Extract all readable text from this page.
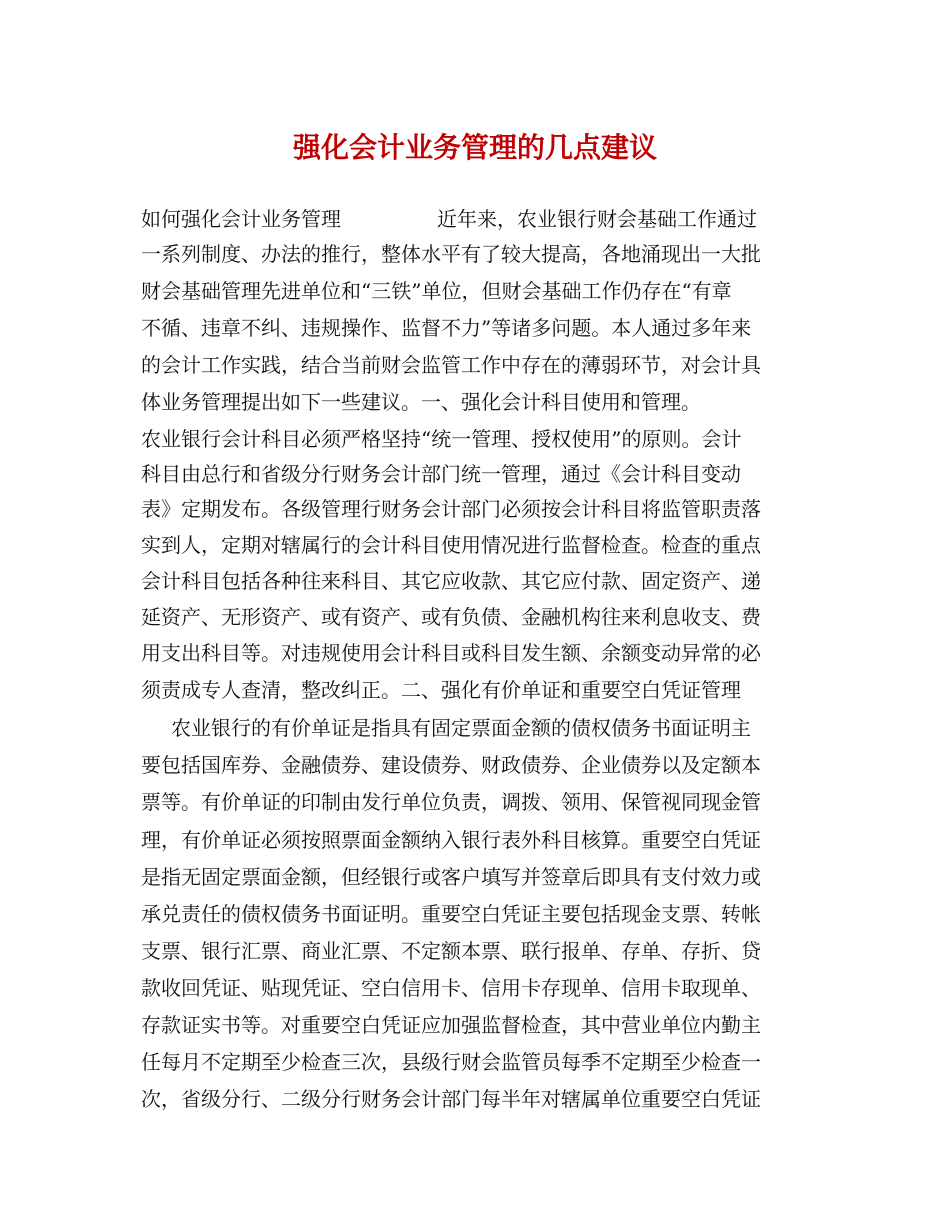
强化会计业务管理的几点建议
如何强化会计业务管理	近年来，农业银行财会基础工作通过
一系列制度、办法的推行，整体水平有了较大提高，各地涌现出一大批
财会基础管理先进单位和“三铁”单位，但财会基础工作仍存在“有章
不循、违章不纠、违规操作、监督不力”等诸多问题。本人通过多年来
的会计工作实践，结合当前财会监管工作中存在的薄弱环节，对会计具
体业务管理提出如下一些建议。一、强化会计科目使用和管理。
农业银行会计科目必须严格坚持“统一管理、授权使用”的原则。会计
科目由总行和省级分行财务会计部门统一管理，通过《会计科目变动
表》定期发布。各级管理行财务会计部门必须按会计科目将监管职责落
实到人，定期对辖属行的会计科目使用情况进行监督检查。检查的重点
会计科目包括各种往来科目、其它应收款、其它应付款、固定资产、递
延资产、无形资产、或有资产、或有负债、金融机构往来利息收支、费
用支出科目等。对违规使用会计科目或科目发生额、余额变动异常的必
须责成专人查清，整改纠正。二、强化有价单证和重要空白凭证管理
农业银行的有价单证是指具有固定票面金额的债权债务书面证明主
要包括国库券、金融债券、建设债券、财政债券、企业债券以及定额本
票等。有价单证的印制由发行单位负责，调拨、领用、保管视同现金管
理，有价单证必须按照票面金额纳入银行表外科目核算。重要空白凭证
是指无固定票面金额，但经银行或客户填写并签章后即具有支付效力或
承兑责任的债权债务书面证明。重要空白凭证主要包括现金支票、转帐
支票、银行汇票、商业汇票、不定额本票、联行报单、存单、存折、贷
款收回凭证、贴现凭证、空白信用卡、信用卡存现单、信用卡取现单、
存款证实书等。对重要空白凭证应加强监督检查，其中营业单位内勤主
任每月不定期至少检查三次，县级行财会监管员每季不定期至少检查一
次，省级分行、二级分行财务会计部门每半年对辖属单位重要空白凭证
